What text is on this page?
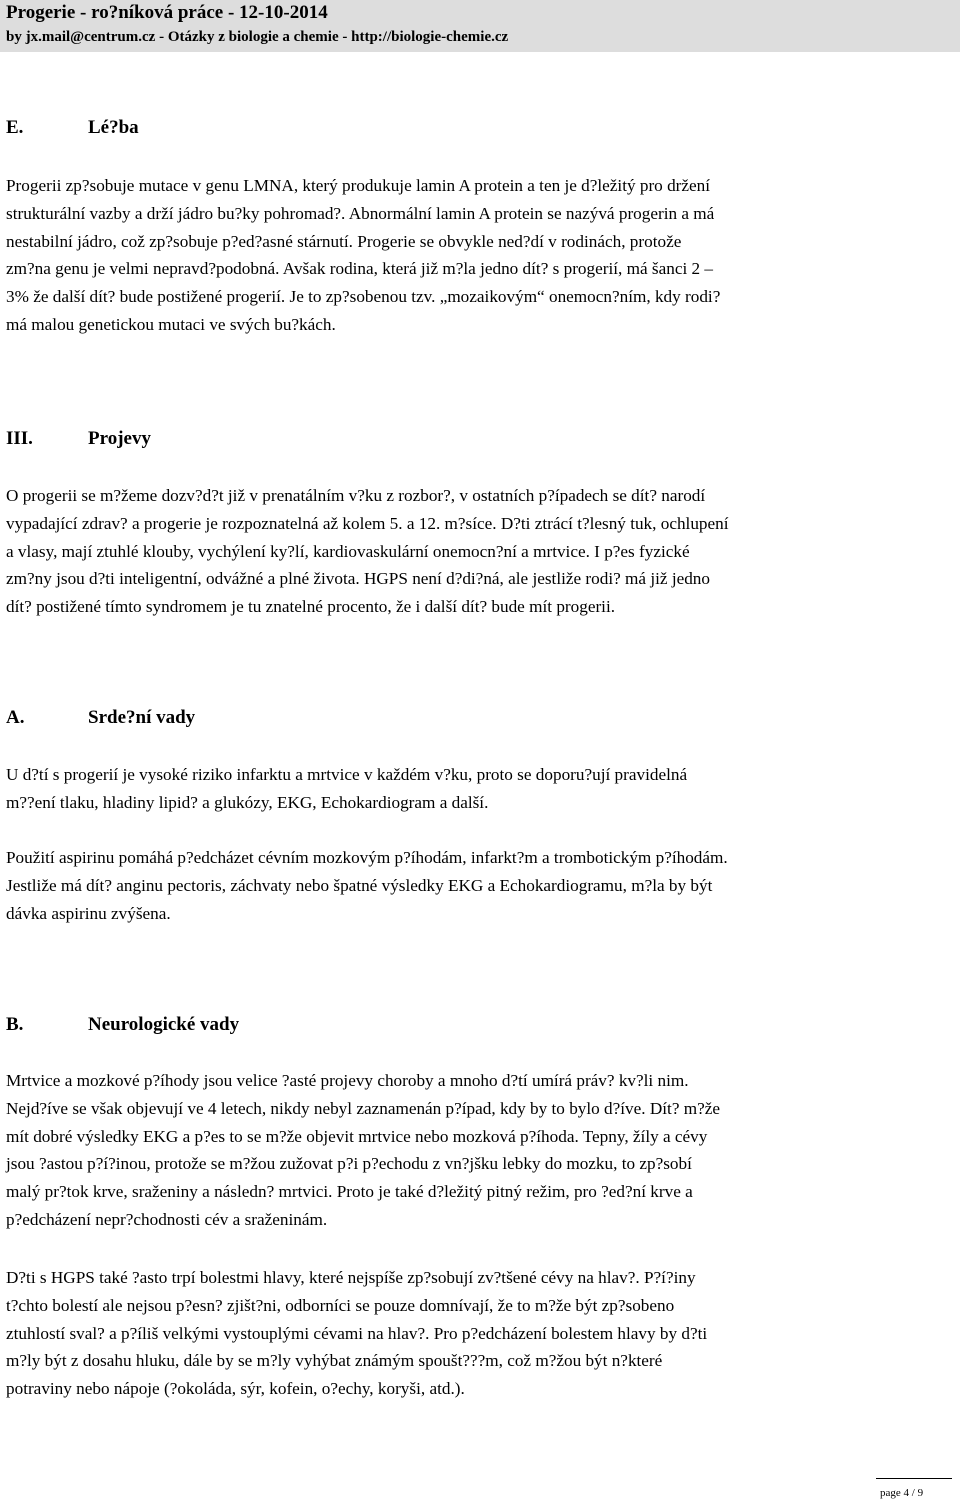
Progerie - ro?níková práce - 12-10-2014
by jx.mail@centrum.cz - Otázky z biologie a chemie - http://biologie-chemie.cz
E.	Lé?ba
Progerii zp?sobuje mutace v genu LMNA, který produkuje lamin A protein a ten je d?ležitý pro držení
strukturální vazby a drží jádro bu?ky pohromad?. Abnormální lamin A protein se nazývá progerin a má
nestabilní jádro, což zp?sobuje p?ed?asné stárnutí. Progerie se obvykle ned?dí v rodinách, protože
zm?na genu je velmi nepravd?podobná. Avšak rodina, která již m?la jedno dít? s progerií, má šanci 2 –
3% že další dít? bude postižené progerií. Je to zp?sobenou tzv. „mozaikovým“ onemocn?ním, kdy rodi?
má malou genetickou mutaci ve svých bu?kách.
III.	Projevy
O progerii se m?žeme dozv?d?t již v prenatálním v?ku z rozbor?, v ostatních p?ípadech se dít? narodí
vypadající zdrav? a progerie je rozpoznatelná až kolem 5. a 12. m?síce. D?ti ztrácí t?lesný tuk, ochlupení
a vlasy, mají ztuhlé klouby, vychýlení ky?lí, kardiovaskulární onemocn?ní a mrtvice. I p?es fyzické
zm?ny jsou d?ti inteligentní, odvážné a plné života. HGPS není d?di?ná, ale jestliže rodi? má již jedno
dít? postižené tímto syndromem je tu znatelné procento, že i další dít? bude mít progerii.
A.	Srde?ní vady
U d?tí s progerií je vysoké riziko infarktu a mrtvice v každém v?ku, proto se doporu?ují pravidelná
m??ení tlaku, hladiny lipid? a glukózy, EKG, Echokardiogram a další.
Použití aspirinu pomáhá p?edcházet cévním mozkovým p?íhodám, infarkt?m a trombotickým p?íhodám.
Jestliže má dít? anginu pectoris, záchvaty nebo špatné výsledky EKG a Echokardiogramu, m?la by být
dávka aspirinu zvýšena.
B.	Neurologické vady
Mrtvice a mozkové p?íhody jsou velice ?asté projevy choroby a mnoho d?tí umírá práv? kv?li nim.
Nejd?íve se však objevují ve 4 letech, nikdy nebyl zaznamenán p?ípad, kdy by to bylo d?íve. Dít? m?že
mít dobré výsledky EKG a p?es to se m?že objevit mrtvice nebo mozková p?íhoda. Tepny, žíly a cévy
jsou ?astou p?í?inou, protože se m?žou zužovat p?i p?echodu z vn?jšku lebky do mozku, to zp?sobí
malý pr?tok krve, sraženiny a následn? mrtvici. Proto je také d?ležitý pitný režim, pro ?ed?ní krve a
p?edcházení nepr?chodnosti cév a sraženinám.
D?ti s HGPS také ?asto trpí bolestmi hlavy, které nejspíše zp?sobují zv?tšené cévy na hlav?. P?í?iny
t?chto bolestí ale nejsou p?esn? zjišt?ni, odborníci se pouze domnívají, že to m?že být zp?sobeno
ztuhlostí sval? a p?íliš velkými vystouplými cévami na hlav?. Pro p?edcházení bolestem hlavy by d?ti
m?ly být z dosahu hluku, dále by se m?ly vyhýbat známým spoušt???m, což m?žou být n?které
potraviny nebo nápoje (?okoláda, sýr, kofein, o?echy, koryši, atd.).
page 4 / 9
